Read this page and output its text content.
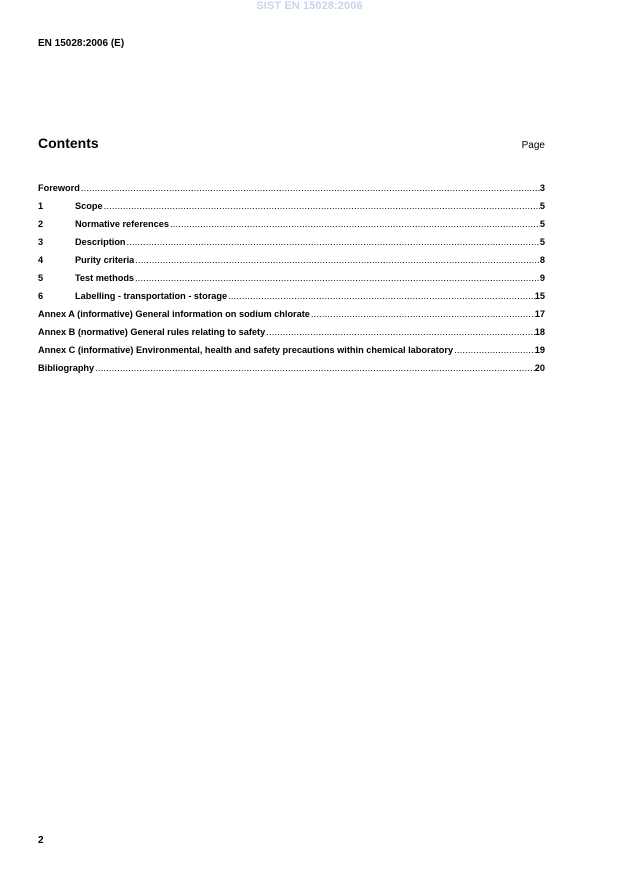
SIST EN 15028:2006
EN 15028:2006 (E)
Contents	Page
Foreword .....	3
1	Scope .....	5
2	Normative references .....	5
3	Description .....	5
4	Purity criteria .....	8
5	Test methods .....	9
6	Labelling - transportation - storage .....	15
Annex A (informative) General information on sodium chlorate .....	17
Annex B (normative) General rules relating to safety .....	18
Annex C (informative) Environmental, health and safety precautions within chemical laboratory .....	19
Bibliography .....	20
2
